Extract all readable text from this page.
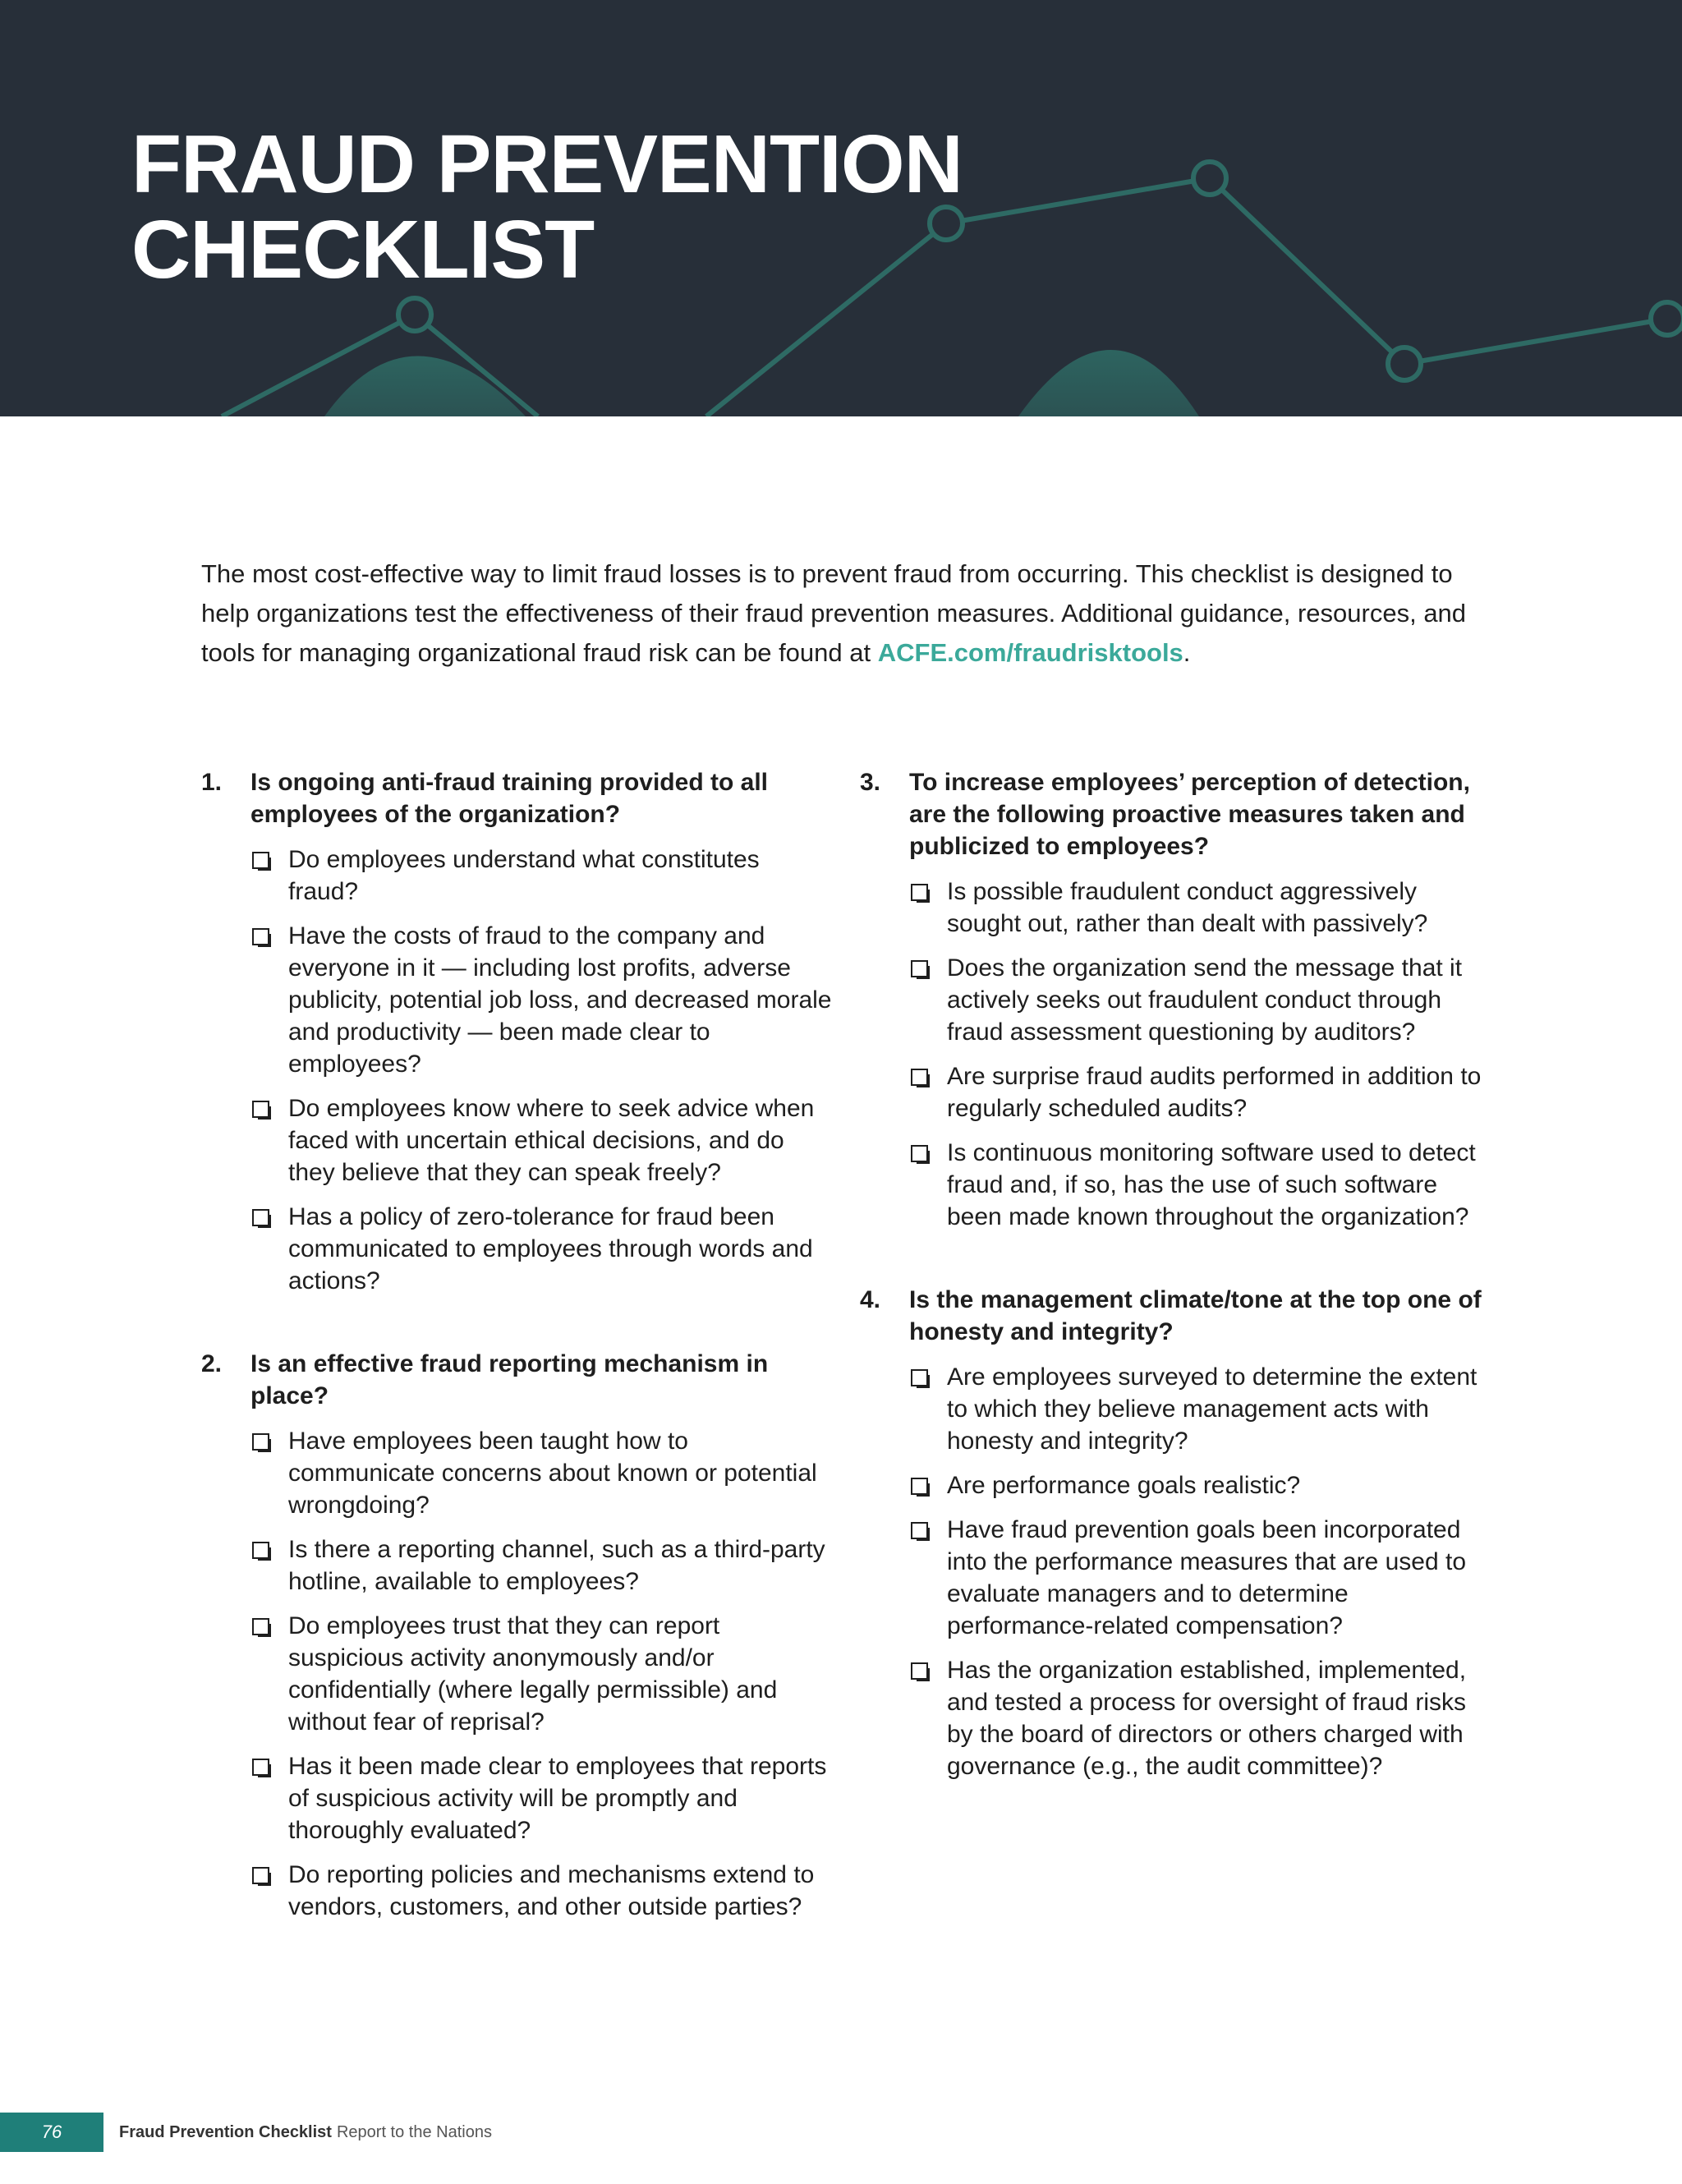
FRAUD PREVENTION
CHECKLIST

The most cost-effective way to limit fraud losses is to prevent fraud from occurring. This checklist is designed to help organizations test the effectiveness of their fraud prevention measures. Additional guidance, resources, and tools for managing organizational fraud risk can be found at ACFE.com/fraudrisktools.

1.	Is ongoing anti-fraud training provided to all employees of the organization?
Do employees understand what constitutes fraud?
Have the costs of fraud to the company and everyone in it — including lost profits, adverse publicity, potential job loss, and decreased morale and productivity — been made clear to employees?
Do employees know where to seek advice when faced with uncertain ethical decisions, and do they believe that they can speak freely?
Has a policy of zero-tolerance for fraud been communicated to employees through words and actions?
2.	Is an effective fraud reporting mechanism in place?
Have employees been taught how to communicate concerns about known or potential wrongdoing?
Is there a reporting channel, such as a third-party hotline, available to employees?
Do employees trust that they can report suspicious activity anonymously and/or confidentially (where legally permissible) and without fear of reprisal?
Has it been made clear to employees that reports of suspicious activity will be promptly and thoroughly evaluated?
Do reporting policies and mechanisms extend to vendors, customers, and other outside parties?
3.	To increase employees’ perception of detection, are the following proactive measures taken and publicized to employees?
Is possible fraudulent conduct aggressively sought out, rather than dealt with passively?
Does the organization send the message that it actively seeks out fraudulent conduct through fraud assessment questioning by auditors?
Are surprise fraud audits performed in addition to regularly scheduled audits?
Is continuous monitoring software used to detect fraud and, if so, has the use of such software been made known throughout the organization?
4.	Is the management climate/tone at the top one of honesty and integrity?
Are employees surveyed to determine the extent to which they believe management acts with honesty and integrity?
Are performance goals realistic?
Have fraud prevention goals been incorporated into the performance measures that are used to evaluate managers and to determine performance-related compensation?
Has the organization established, implemented, and tested a process for oversight of fraud risks by the board of directors or others charged with governance (e.g., the audit committee)?
76	Fraud Prevention Checklist Report to the Nations
